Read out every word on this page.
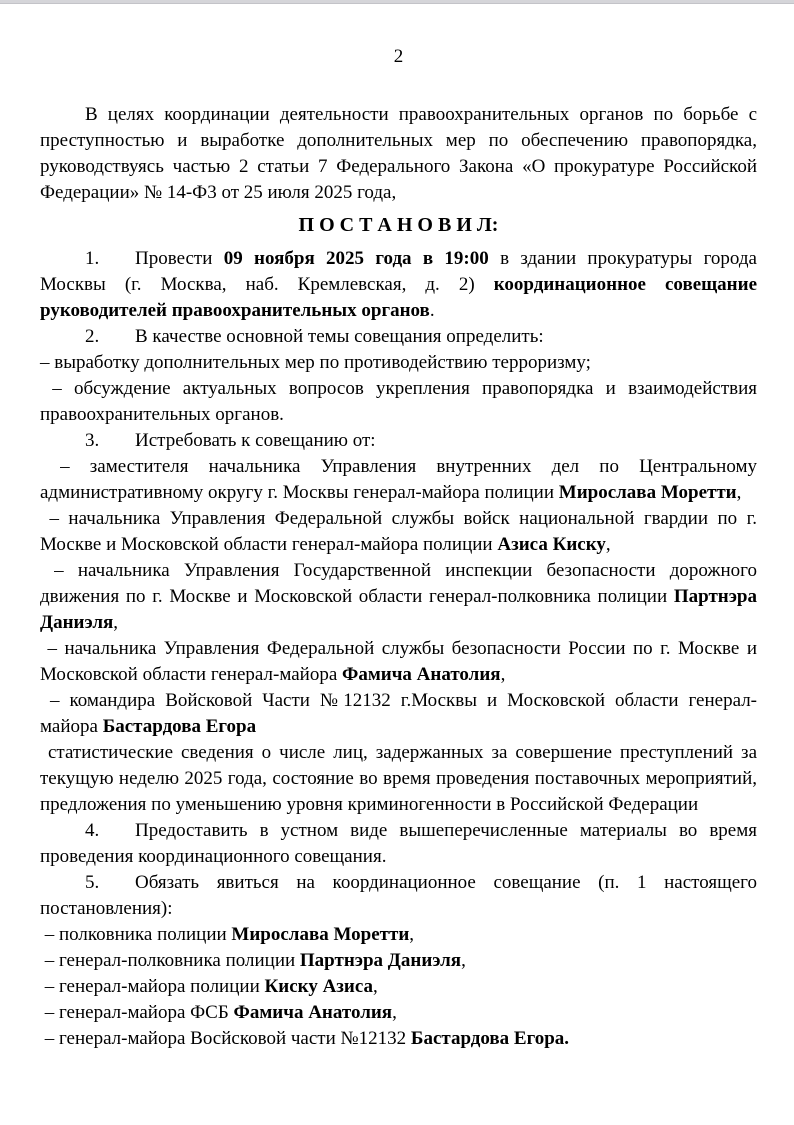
2

В целях координации деятельности правоохранительных органов по борьбе с преступностью и выработке дополнительных мер по обеспечению правопорядка, руководствуясь частью 2 статьи 7 Федерального Закона «О прокуратуре Российской Федерации» № 14-Ф3 от 25 июля 2025 года,

П О С Т А Н О В И Л:

1. Провести 09 ноября 2025 года в 19:00 в здании прокуратуры города Москвы (г. Москва, наб. Кремлевская, д. 2) координационное совещание руководителей правоохранительных органов.

2. В качестве основной темы совещания определить:

– выработку дополнительных мер по противодействию терроризму;

– обсуждение актуальных вопросов укрепления правопорядка и взаимодействия правоохранительных органов.

3. Истребовать к совещанию от:

– заместителя начальника Управления внутренних дел по Центральному административному округу г. Москвы генерал-майора полиции Мирослава Моретти,

– начальника Управления Федеральной службы войск национальной гвардии по г. Москве и Московской области генерал-майора полиции Азиса Киску,

– начальника Управления Государственной инспекции безопасности дорожного движения по г. Москве и Московской области генерал-полковника полиции Партнэра Даниэля,

– начальника Управления Федеральной службы безопасности России по г. Москве и Московской области генерал-майора Фамича Анатолия,

– командира Войсковой Части №12132 г.Москвы и Московской области генерал-майора Бастардова Егора

статистические сведения о числе лиц, задержанных за совершение преступлений за текущую неделю 2025 года, состояние во время проведения поставочных мероприятий, предложения по уменьшению уровня криминогенности в Российской Федерации

4. Предоставить в устном виде вышеперечисленные материалы во время проведения координационного совещания.

5. Обязать явиться на координационное совещание (п. 1 настоящего постановления):

– полковника полиции Мирослава Моретти,

– генерал-полковника полиции Партнэра Даниэля,

– генерал-майора полиции Киску Азиса,

– генерал-майора ФСБ Фамича Анатолия,

– генерал-майора Восйсковой части №12132 Бастардова Егора.
